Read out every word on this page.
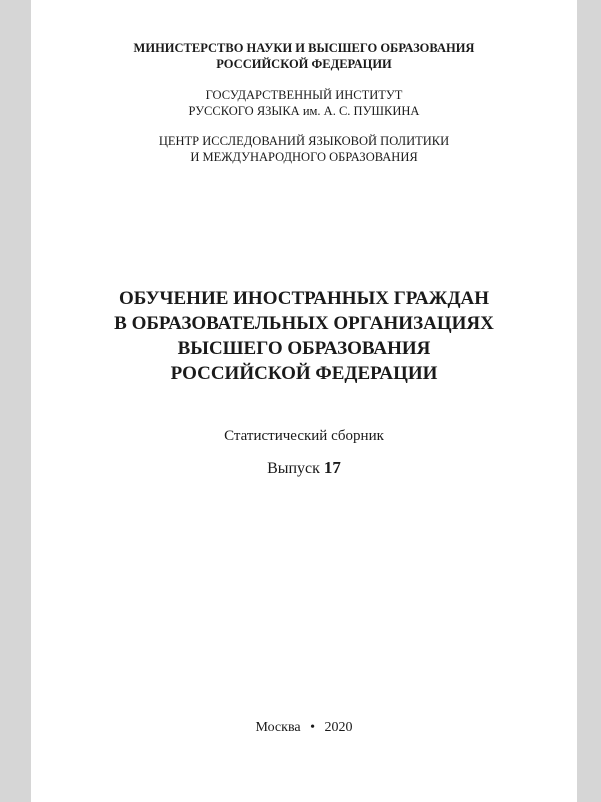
МИНИСТЕРСТВО НАУКИ И ВЫСШЕГО ОБРАЗОВАНИЯ
РОССИЙСКОЙ ФЕДЕРАЦИИ
ГОСУДАРСТВЕННЫЙ ИНСТИТУТ
РУССКОГО ЯЗЫКА им. А. С. ПУШКИНА
ЦЕНТР ИССЛЕДОВАНИЙ ЯЗЫКОВОЙ ПОЛИТИКИ
И МЕЖДУНАРОДНОГО ОБРАЗОВАНИЯ
ОБУЧЕНИЕ ИНОСТРАННЫХ ГРАЖДАН
В ОБРАЗОВАТЕЛЬНЫХ ОРГАНИЗАЦИЯХ
ВЫСШЕГО ОБРАЗОВАНИЯ
РОССИЙСКОЙ ФЕДЕРАЦИИ
Статистический сборник
Выпуск 17
Москва • 2020
